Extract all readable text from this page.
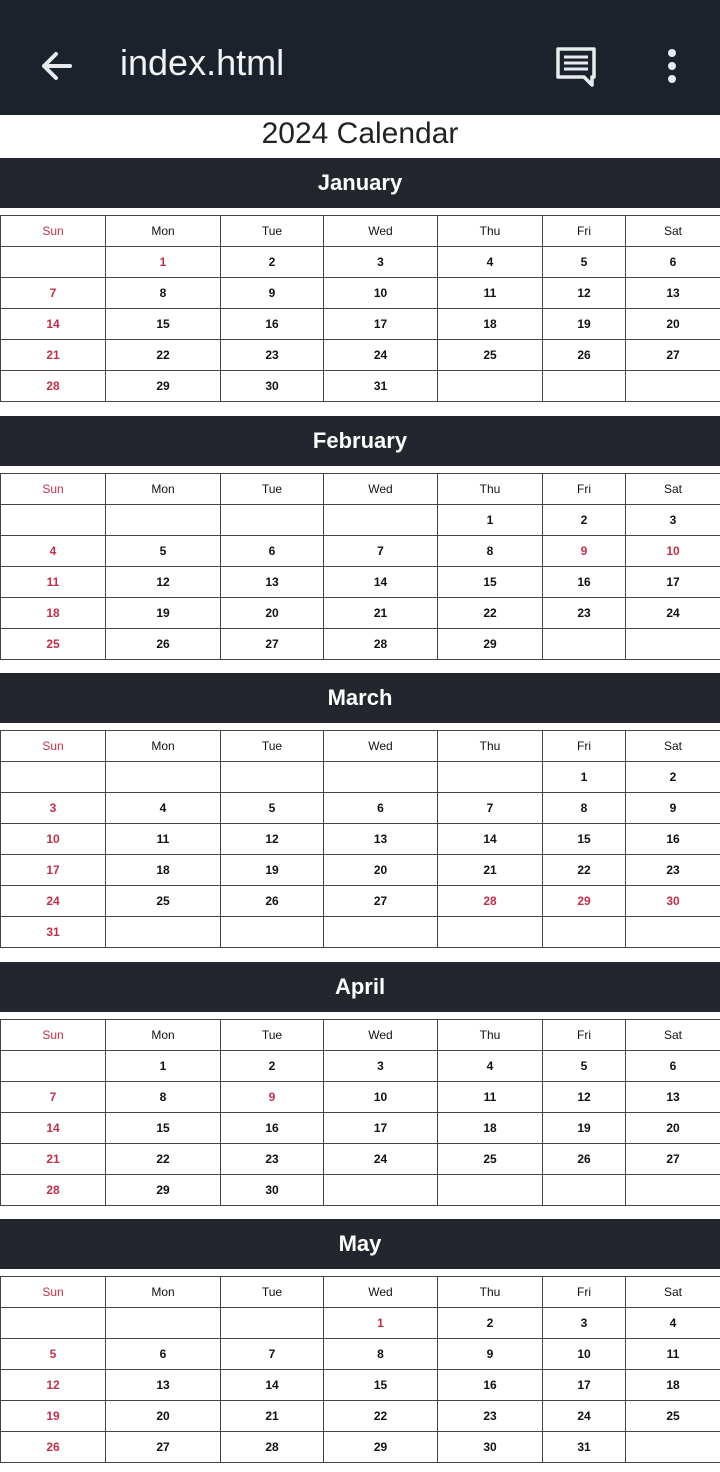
index.html
2024 Calendar
January
Sun	Mon	Tue	Wed	Thu	Fri	Sat
	1	2	3	4	5	6
7	8	9	10	11	12	13
14	15	16	17	18	19	20
21	22	23	24	25	26	27
28	29	30	31			
February
Sun	Mon	Tue	Wed	Thu	Fri	Sat
				1	2	3
4	5	6	7	8	9	10
11	12	13	14	15	16	17
18	19	20	21	22	23	24
25	26	27	28	29		
March
Sun	Mon	Tue	Wed	Thu	Fri	Sat
					1	2
3	4	5	6	7	8	9
10	11	12	13	14	15	16
17	18	19	20	21	22	23
24	25	26	27	28	29	30
31						
April
Sun	Mon	Tue	Wed	Thu	Fri	Sat
	1	2	3	4	5	6
7	8	9	10	11	12	13
14	15	16	17	18	19	20
21	22	23	24	25	26	27
28	29	30				
May
Sun	Mon	Tue	Wed	Thu	Fri	Sat
			1	2	3	4
5	6	7	8	9	10	11
12	13	14	15	16	17	18
19	20	21	22	23	24	25
26	27	28	29	30	31	
